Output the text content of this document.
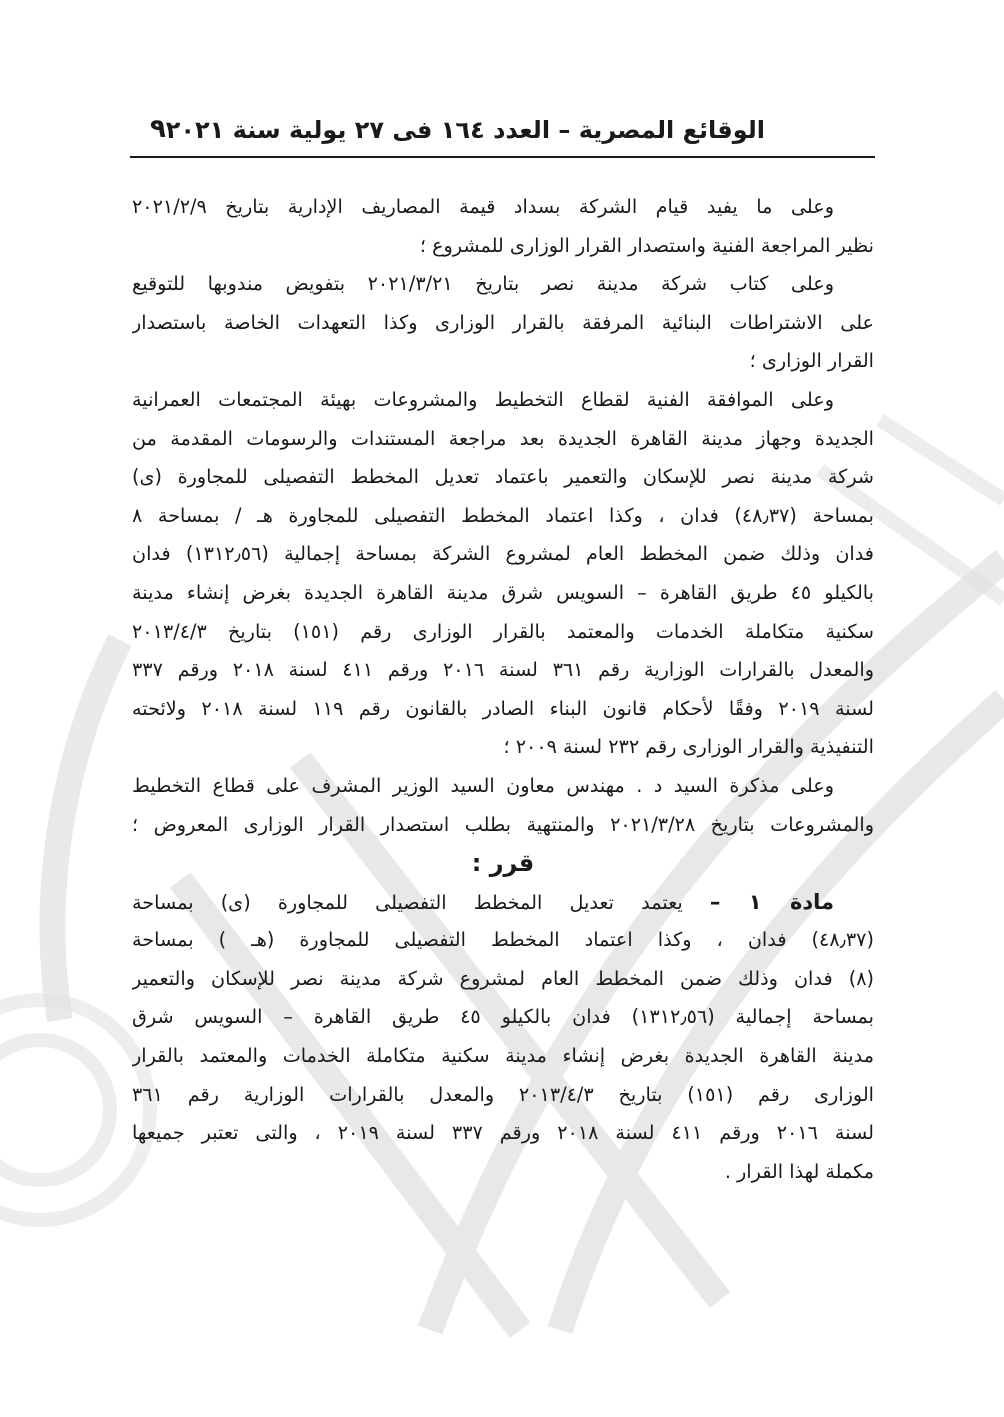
الوقائع المصرية – العدد ١٦٤ فى ٢٧ يولية سنة ٢٠٢١
٩
وعلى ما يفيد قيام الشركة بسداد قيمة المصاريف الإدارية بتاريخ ٢٠٢١/٢/٩
نظير المراجعة الفنية واستصدار القرار الوزارى للمشروع ؛
وعلى كتاب شركة مدينة نصر بتاريخ ٢٠٢١/٣/٢١ بتفويض مندوبها للتوقيع
على الاشتراطات البنائية المرفقة بالقرار الوزارى وكذا التعهدات الخاصة باستصدار
القرار الوزارى ؛
وعلى الموافقة الفنية لقطاع التخطيط والمشروعات بهيئة المجتمعات العمرانية
الجديدة وجهاز مدينة القاهرة الجديدة بعد مراجعة المستندات والرسومات المقدمة من
شركة مدينة نصر للإسكان والتعمير باعتماد تعديل المخطط التفصيلى للمجاورة (ى)
بمساحة (٤٨٫٣٧) فدان ، وكذا اعتماد المخطط التفصيلى للمجاورة هـ / بمساحة ٨
فدان وذلك ضمن المخطط العام لمشروع الشركة بمساحة إجمالية (١٣١٢٫٥٦) فدان
بالكيلو ٤٥ طريق القاهرة – السويس شرق مدينة القاهرة الجديدة بغرض إنشاء مدينة
سكنية متكاملة الخدمات والمعتمد بالقرار الوزارى رقم (١٥١) بتاريخ ٢٠١٣/٤/٣
والمعدل بالقرارات الوزارية رقم ٣٦١ لسنة ٢٠١٦ ورقم ٤١١ لسنة ٢٠١٨ ورقم ٣٣٧
لسنة ٢٠١٩ وفقًا لأحكام قانون البناء الصادر بالقانون رقم ١١٩ لسنة ٢٠١٨ ولائحته
التنفيذية والقرار الوزارى رقم ٢٣٢ لسنة ٢٠٠٩ ؛
وعلى مذكرة السيد د . مهندس معاون السيد الوزير المشرف على قطاع التخطيط
والمشروعات بتاريخ ٢٠٢١/٣/٢٨ والمنتهية بطلب استصدار القرار الوزارى المعروض ؛
قرر :
مادة ١ – يعتمد تعديل المخطط التفصيلى للمجاورة (ى) بمساحة
(٤٨٫٣٧) فدان ، وكذا اعتماد المخطط التفصيلى للمجاورة (هـ ) بمساحة
(٨) فدان وذلك ضمن المخطط العام لمشروع شركة مدينة نصر للإسكان والتعمير
بمساحة إجمالية (١٣١٢٫٥٦) فدان بالكيلو ٤٥ طريق القاهرة – السويس شرق
مدينة القاهرة الجديدة بغرض إنشاء مدينة سكنية متكاملة الخدمات والمعتمد بالقرار
الوزارى رقم (١٥١) بتاريخ ٢٠١٣/٤/٣ والمعدل بالقرارات الوزارية رقم ٣٦١
لسنة ٢٠١٦ ورقم ٤١١ لسنة ٢٠١٨ ورقم ٣٣٧ لسنة ٢٠١٩ ، والتى تعتبر جميعها
مكملة لهذا القرار .
